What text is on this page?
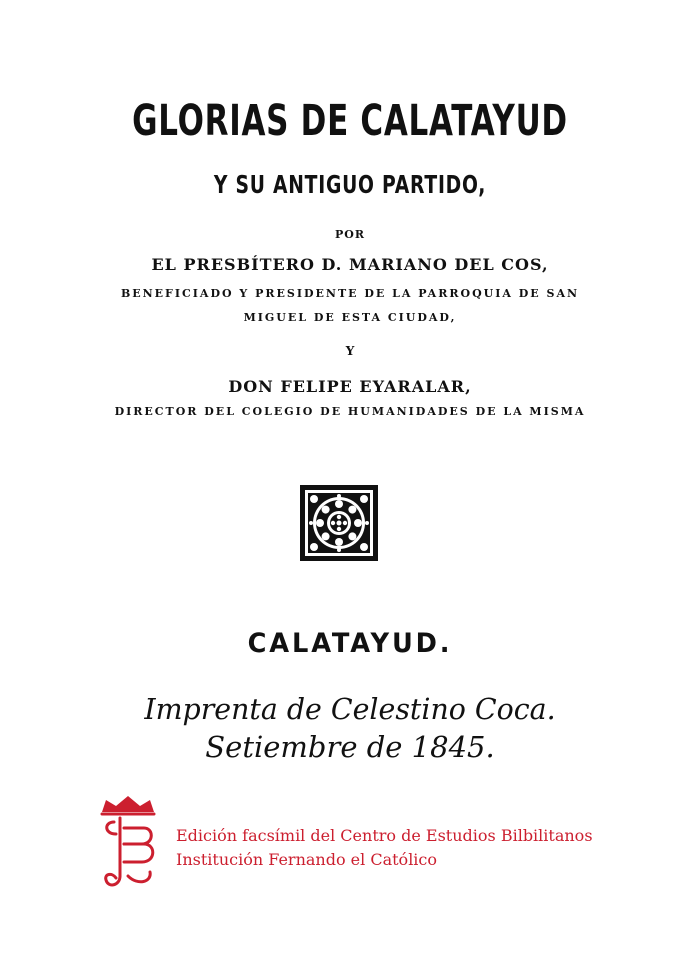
GLORIAS DE CALATAYUD
Y SU ANTIGUO PARTIDO,
POR
EL PRESBÍTERO D. MARIANO DEL COS,
BENEFICIADO Y PRESIDENTE DE LA PARROQUIA DE SAN
MIGUEL DE ESTA CIUDAD,
Y
DON FELIPE EYARALAR,
DIRECTOR DEL COLEGIO DE HUMANIDADES DE LA MISMA
CALATAYUD.
Imprenta de Celestino Coca.
Setiembre de 1845.
Edición facsímil del Centro de Estudios Bilbilitanos
Institución Fernando el Católico
